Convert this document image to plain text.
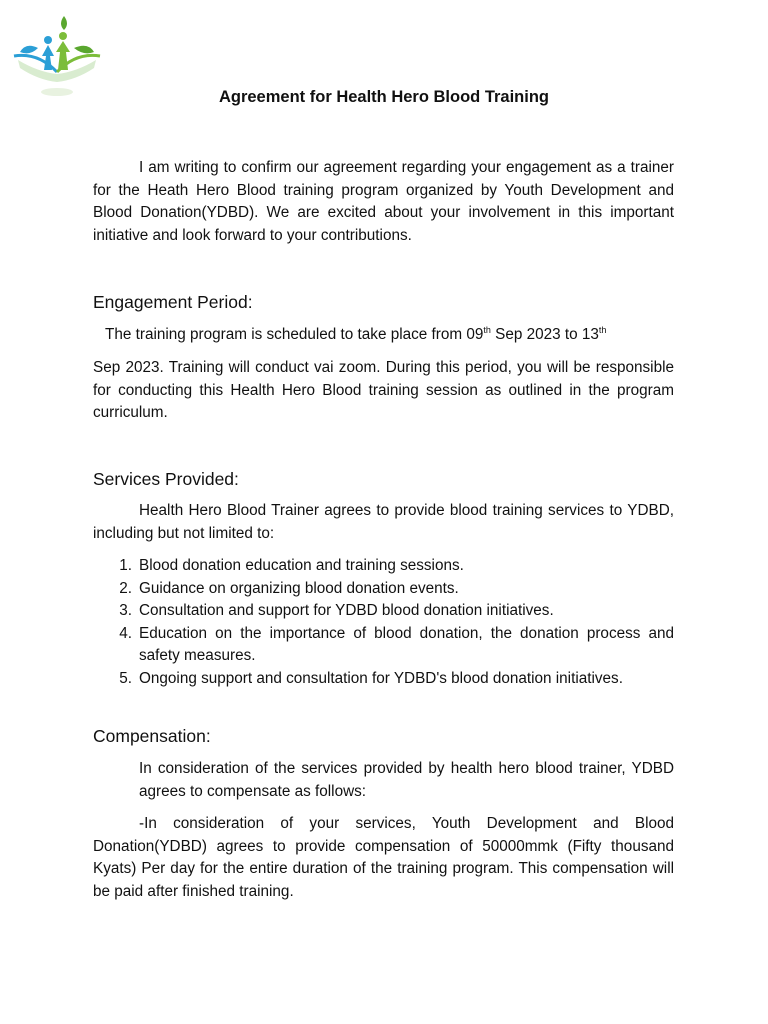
Agreement for Health Hero Blood Training

I am writing to confirm our agreement regarding your engagement as a trainer for the Heath Hero Blood training program organized by Youth Development and Blood Donation(YDBD). We are excited about your involvement in this important initiative and look forward to your contributions.

Engagement Period:

The training program is scheduled to take place from 09th Sep 2023 to 13th

Sep 2023. Training will conduct vai zoom. During this period, you will be responsible for conducting this Health Hero Blood training session as outlined in the program curriculum.

Services Provided:

Health Hero Blood Trainer agrees to provide blood training services to YDBD, including but not limited to:

1. Blood donation education and training sessions.
2. Guidance on organizing blood donation events.
3. Consultation and support for YDBD blood donation initiatives.
4. Education on the importance of blood donation, the donation process and safety measures.
5. Ongoing support and consultation for YDBD's blood donation initiatives.

Compensation:

In consideration of the services provided by health hero blood trainer, YDBD agrees to compensate as follows:

-In consideration of your services, Youth Development and Blood Donation(YDBD) agrees to provide compensation of 50000mmk (Fifty thousand Kyats) Per day for the entire duration of the training program. This compensation will be paid after finished training.
